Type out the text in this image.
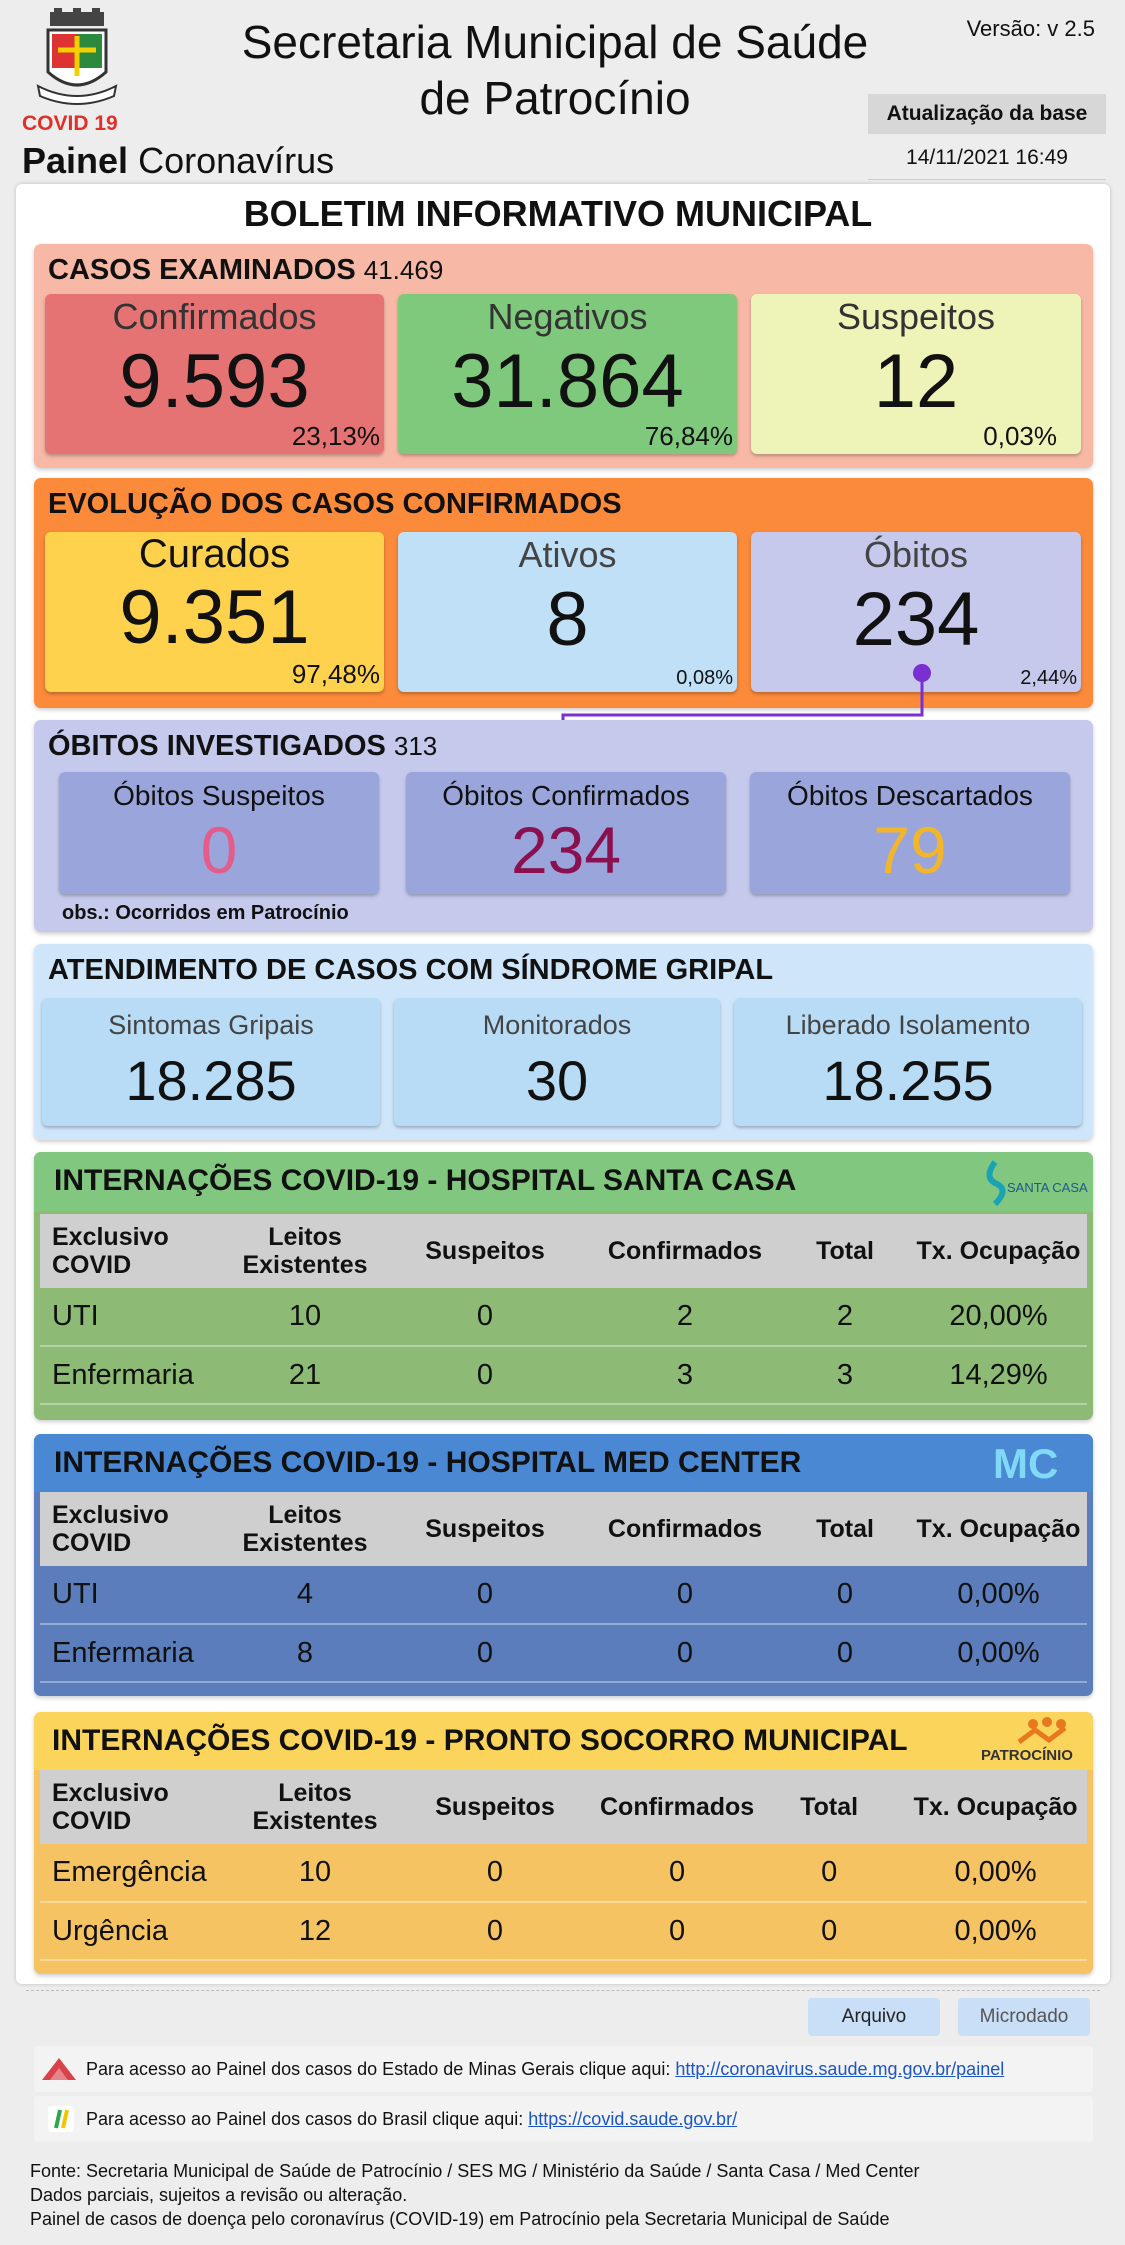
COVID 19
Painel Coronavírus
Secretaria Municipal de Saúde de Patrocínio
Versão: v 2.5
Atualização da base
14/11/2021 16:49
BOLETIM INFORMATIVO MUNICIPAL
CASOS EXAMINADOS 41.469
Confirmados
9.593
23,13%
Negativos
31.864
76,84%
Suspeitos
12
0,03%
EVOLUÇÃO DOS CASOS CONFIRMADOS
Curados
9.351
97,48%
Ativos
8
0,08%
Óbitos
234
2,44%
ÓBITOS INVESTIGADOS 313
Óbitos Suspeitos
0
Óbitos Confirmados
234
Óbitos Descartados
79
obs.: Ocorridos em Patrocínio
ATENDIMENTO DE CASOS COM SÍNDROME GRIPAL
Sintomas Gripais
18.285
Monitorados
30
Liberado Isolamento
18.255
INTERNAÇÕES COVID-19 - HOSPITAL SANTA CASA	SANTA CASA
Exclusivo COVID	Leitos Existentes	Suspeitos	Confirmados	Total	Tx. Ocupação
UTI	10	0	2	2	20,00%
Enfermaria	21	0	3	3	14,29%
INTERNAÇÕES COVID-19 - HOSPITAL MED CENTER	MC
Exclusivo COVID	Leitos Existentes	Suspeitos	Confirmados	Total	Tx. Ocupação
UTI	4	0	0	0	0,00%
Enfermaria	8	0	0	0	0,00%
INTERNAÇÕES COVID-19 - PRONTO SOCORRO MUNICIPAL	PATROCÍNIO
Exclusivo COVID	Leitos Existentes	Suspeitos	Confirmados	Total	Tx. Ocupação
Emergência	10	0	0	0	0,00%
Urgência	12	0	0	0	0,00%
Arquivo	Microdado
Para acesso ao Painel dos casos do Estado de Minas Gerais clique aqui: http://coronavirus.saude.mg.gov.br/painel
Para acesso ao Painel dos casos do Brasil clique aqui: https://covid.saude.gov.br/
Fonte: Secretaria Municipal de Saúde de Patrocínio / SES MG / Ministério da Saúde / Santa Casa / Med Center
Dados parciais, sujeitos a revisão ou alteração.
Painel de casos de doença pelo coronavírus (COVID-19) em Patrocínio pela Secretaria Municipal de Saúde
